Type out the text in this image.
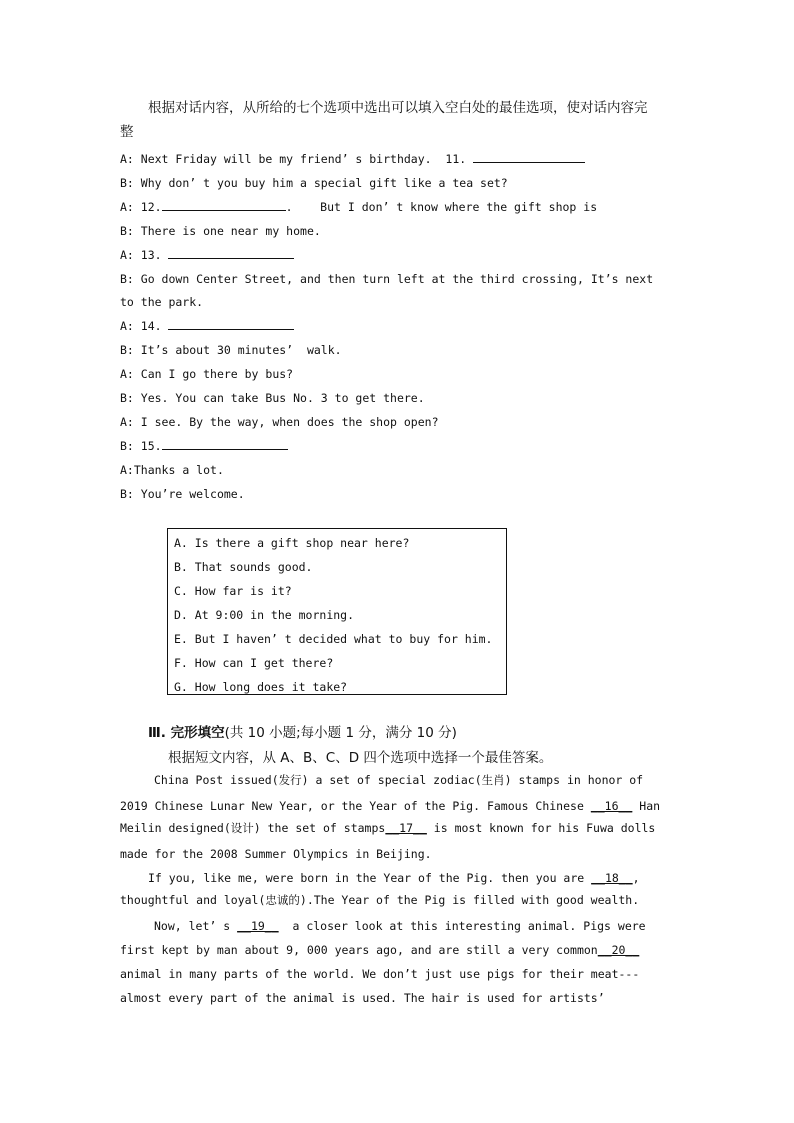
根据对话内容，从所给的七个选项中选出可以填入空白处的最佳选项，使对话内容完
整
A: Next Friday will be my friend’ s birthday.  11.
B: Why don’ t you buy him a special gift like a tea set?
A: 12.	.    But I don’ t know where the gift shop is
B: There is one near my home.
A: 13.
B: Go down Center Street, and then turn left at the third crossing, It’s next
to the park.
A: 14.
B: It’s about 30 minutes’  walk.
A: Can I go there by bus?
B: Yes. You can take Bus No. 3 to get there.
A: I see. By the way, when does the shop open?
B: 15.
A:Thanks a lot.
B: You’re welcome.
A. Is there a gift shop near here?
B. That sounds good.
C. How far is it?
D. At 9:00 in the morning.
E. But I haven’ t decided what to buy for him.
F. How can I get there?
G. How long does it take?
Ⅲ. 完形填空(共 10 小题;每小题 1 分，满分 10 分)
根据短文内容，从 A、B、C、D 四个选项中选择一个最佳答案。
China Post issued(发行) a set of special zodiac(生肖) stamps in honor of
2019 Chinese Lunar New Year, or the Year of the Pig. Famous Chinese __16__ Han
Meilin designed(设计) the set of stamps__17__ is most known for his Fuwa dolls
made for the 2008 Summer Olympics in Beijing.
If you, like me, were born in the Year of the Pig. then you are __18__,
thoughtful and loyal(忠诚的).The Year of the Pig is filled with good wealth.
Now, let’ s __19__  a closer look at this interesting animal. Pigs were
first kept by man about 9, 000 years ago, and are still a very common__20__
animal in many parts of the world. We don’t just use pigs for their meat---
almost every part of the animal is used. The hair is used for artists’
